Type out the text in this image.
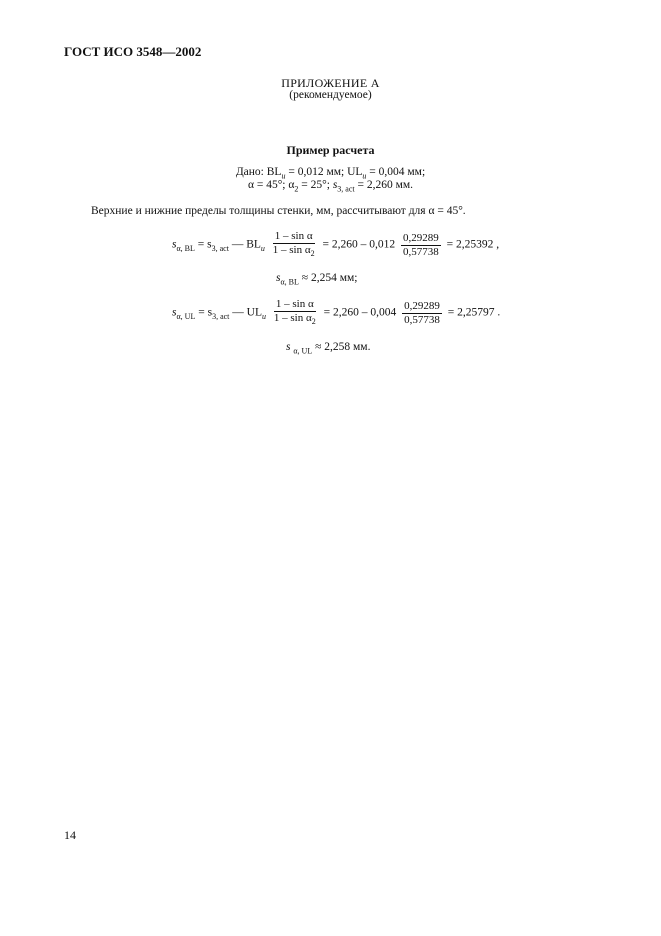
ГОСТ ИСО 3548—2002
ПРИЛОЖЕНИЕ А
(рекомендуемое)
Пример расчета
Дано: $BL_u = 0,012$ мм; $UL_u = 0,004$ мм;
α = 45°; $\alpha_2 = 25^\circ$; $s_{3, act} = 2,260$ мм.
Верхние и нижние пределы толщины стенки, мм, рассчитывают для α = 45°.
$s_{\alpha, BL} = s_{3, act}$ — $BL_u \frac{\text{1 – sin α}}{1 - \sin \alpha_2} = 2,260 - 0,012 \frac{0,29289}{0,57738} = 2,25392$ ,
$s_{\alpha, BL} \approx 2,254$ мм;
$s_{\alpha, UL} = s_{3, act}$ — $UL_u \frac{\text{1 – sin α}}{1 - \sin \alpha_2} = 2,260 - 0,004 \frac{0,29289}{0,57738} = 2,25797$ .
s $_{\alpha, UL}$ ≈ 2,258 мм.
14
